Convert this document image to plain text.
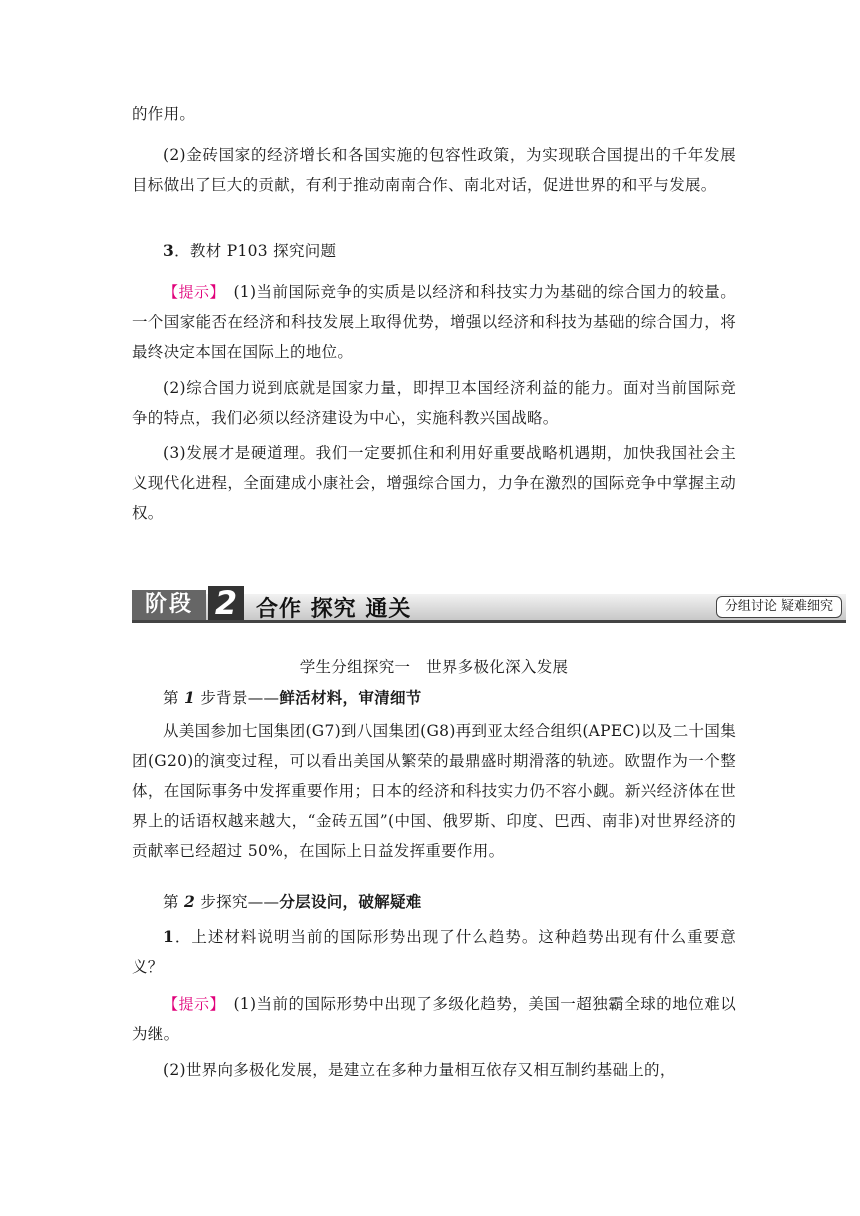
的作用。

(2)金砖国家的经济增长和各国实施的包容性政策，为实现联合国提出的千年发展目标做出了巨大的贡献，有利于推动南南合作、南北对话，促进世界的和平与发展。

3．教材 P103 探究问题

【提示】　(1)当前国际竞争的实质是以经济和科技实力为基础的综合国力的较量。一个国家能否在经济和科技发展上取得优势，增强以经济和科技为基础的综合国力，将最终决定本国在国际上的地位。

(2)综合国力说到底就是国家力量，即捍卫本国经济利益的能力。面对当前国际竞争的特点，我们必须以经济建设为中心，实施科教兴国战略。

(3)发展才是硬道理。我们一定要抓住和利用好重要战略机遇期，加快我国社会主义现代化进程，全面建成小康社会，增强综合国力，力争在激烈的国际竞争中掌握主动权。

阶段 2 合作 探究 通关	分组讨论 疑难细究

学生分组探究一　世界多极化深入发展

第 1 步背景——鲜活材料，审清细节

从美国参加七国集团(G7)到八国集团(G8)再到亚太经合组织(APEC)以及二十国集团(G20)的演变过程，可以看出美国从繁荣的最鼎盛时期滑落的轨迹。欧盟作为一个整体，在国际事务中发挥重要作用；日本的经济和科技实力仍不容小觑。新兴经济体在世界上的话语权越来越大，“金砖五国”(中国、俄罗斯、印度、巴西、南非)对世界经济的贡献率已经超过 50%，在国际上日益发挥重要作用。

第 2 步探究——分层设问，破解疑难

1．上述材料说明当前的国际形势出现了什么趋势。这种趋势出现有什么重要意义？

【提示】　(1)当前的国际形势中出现了多级化趋势，美国一超独霸全球的地位难以为继。

(2)世界向多极化发展，是建立在多种力量相互依存又相互制约基础上的，
